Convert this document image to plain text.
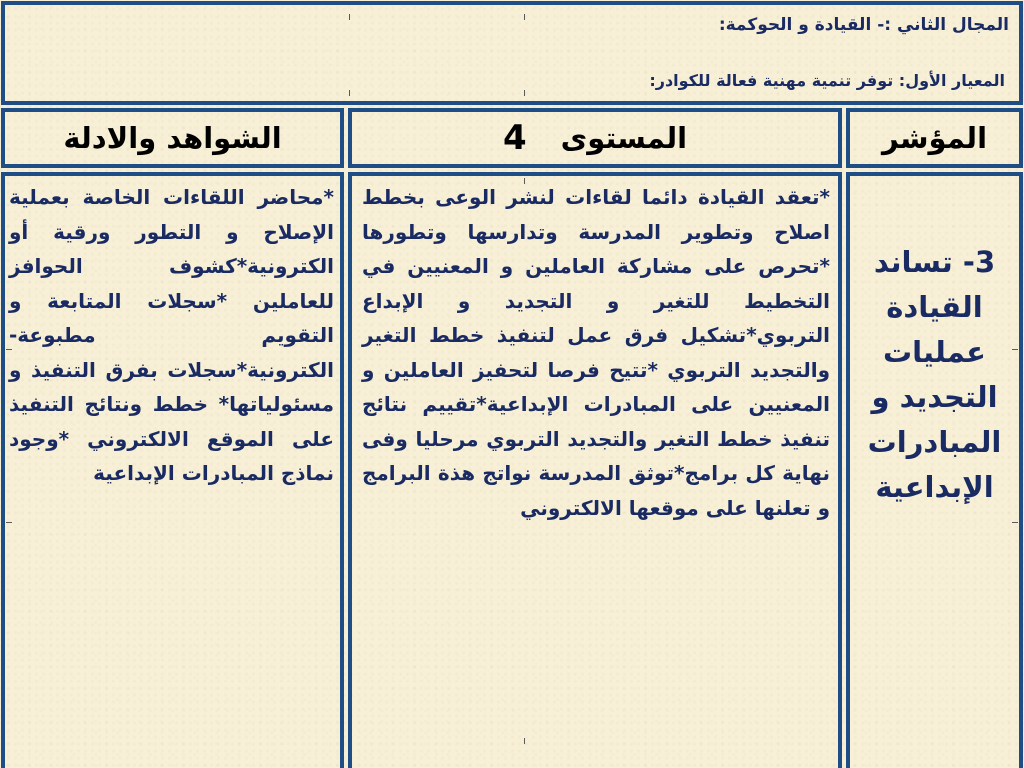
المجال الثاني :- القيادة و الحوكمة:
المعيار الأول: توفر تنمية مهنية فعالة للكوادر:
الشواهد والادلة	المستوى
4	المؤشر
*محاضر اللقاءات الخاصة بعملية الإصلاح و التطور ورقية أو الكترونية*كشوف الحوافز للعاملين *سجلات المتابعة و التقويم مطبوعة-الكترونية*سجلات بفرق التنفيذ و مسئولياتها* خطط ونتائج التنفيذ على الموقع الالكتروني *وجود نماذج المبادرات الإبداعية
*تعقد القيادة دائما لقاءات لنشر الوعى بخطط اصلاح وتطوير المدرسة وتدارسها وتطورها *تحرص على مشاركة العاملين و المعنيين في التخطيط للتغير و التجديد و الإبداع التربوي*تشكيل فرق عمل لتنفيذ خطط التغير والتجديد التربوي *تتيح فرصا لتحفيز العاملين و المعنيين على المبادرات الإبداعية*تقييم نتائج تنفيذ خطط التغير والتجديد التربوي مرحليا وفى نهاية كل برامج*توثق المدرسة نواتج هذة البرامج و تعلنها على موقعها الالكتروني
3- تساند
القيادة
عمليات
التجديد و
المبادرات
الإبداعية
